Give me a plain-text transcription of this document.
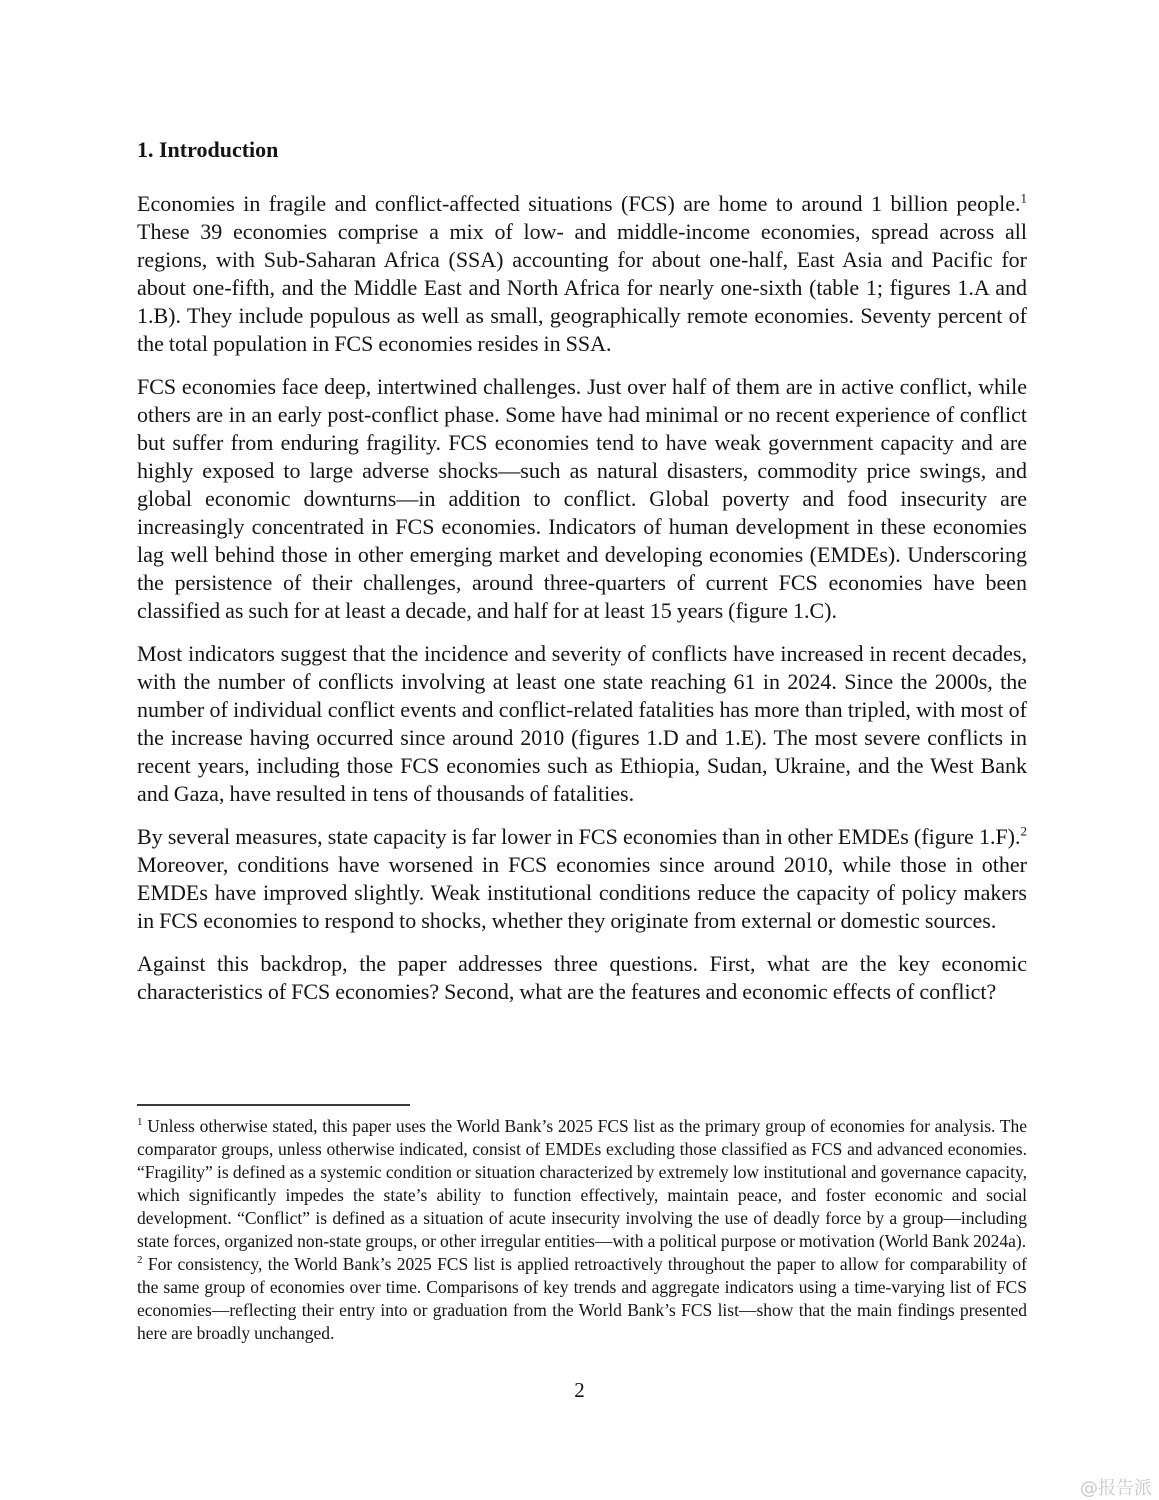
1. Introduction

Economies in fragile and conflict-affected situations (FCS) are home to around 1 billion people.$^1$ These 39 economies comprise a mix of low- and middle-income economies, spread across all regions, with Sub-Saharan Africa (SSA) accounting for about one-half, East Asia and Pacific for about one-fifth, and the Middle East and North Africa for nearly one-sixth (table 1; figures 1.A and 1.B). They include populous as well as small, geographically remote economies. Seventy percent of the total population in FCS economies resides in SSA.

FCS economies face deep, intertwined challenges. Just over half of them are in active conflict, while others are in an early post-conflict phase. Some have had minimal or no recent experience of conflict but suffer from enduring fragility. FCS economies tend to have weak government capacity and are highly exposed to large adverse shocks—such as natural disasters, commodity price swings, and global economic downturns—in addition to conflict. Global poverty and food insecurity are increasingly concentrated in FCS economies. Indicators of human development in these economies lag well behind those in other emerging market and developing economies (EMDEs). Underscoring the persistence of their challenges, around three-quarters of current FCS economies have been classified as such for at least a decade, and half for at least 15 years (figure 1.C).

Most indicators suggest that the incidence and severity of conflicts have increased in recent decades, with the number of conflicts involving at least one state reaching 61 in 2024. Since the 2000s, the number of individual conflict events and conflict-related fatalities has more than tripled, with most of the increase having occurred since around 2010 (figures 1.D and 1.E). The most severe conflicts in recent years, including those FCS economies such as Ethiopia, Sudan, Ukraine, and the West Bank and Gaza, have resulted in tens of thousands of fatalities.

By several measures, state capacity is far lower in FCS economies than in other EMDEs (figure 1.F).$^2$ Moreover, conditions have worsened in FCS economies since around 2010, while those in other EMDEs have improved slightly. Weak institutional conditions reduce the capacity of policy makers in FCS economies to respond to shocks, whether they originate from external or domestic sources.

Against this backdrop, the paper addresses three questions. First, what are the key economic characteristics of FCS economies? Second, what are the features and economic effects of conflict?

$^1$ Unless otherwise stated, this paper uses the World Bank’s 2025 FCS list as the primary group of economies for analysis. The comparator groups, unless otherwise indicated, consist of EMDEs excluding those classified as FCS and advanced economies. “Fragility” is defined as a systemic condition or situation characterized by extremely low institutional and governance capacity, which significantly impedes the state’s ability to function effectively, maintain peace, and foster economic and social development. “Conflict” is defined as a situation of acute insecurity involving the use of deadly force by a group—including state forces, organized non-state groups, or other irregular entities—with a political purpose or motivation (World Bank 2024a).

$^2$ For consistency, the World Bank’s 2025 FCS list is applied retroactively throughout the paper to allow for comparability of the same group of economies over time. Comparisons of key trends and aggregate indicators using a time-varying list of FCS economies—reflecting their entry into or graduation from the World Bank’s FCS list—show that the main findings presented here are broadly unchanged.

2
@报告派
